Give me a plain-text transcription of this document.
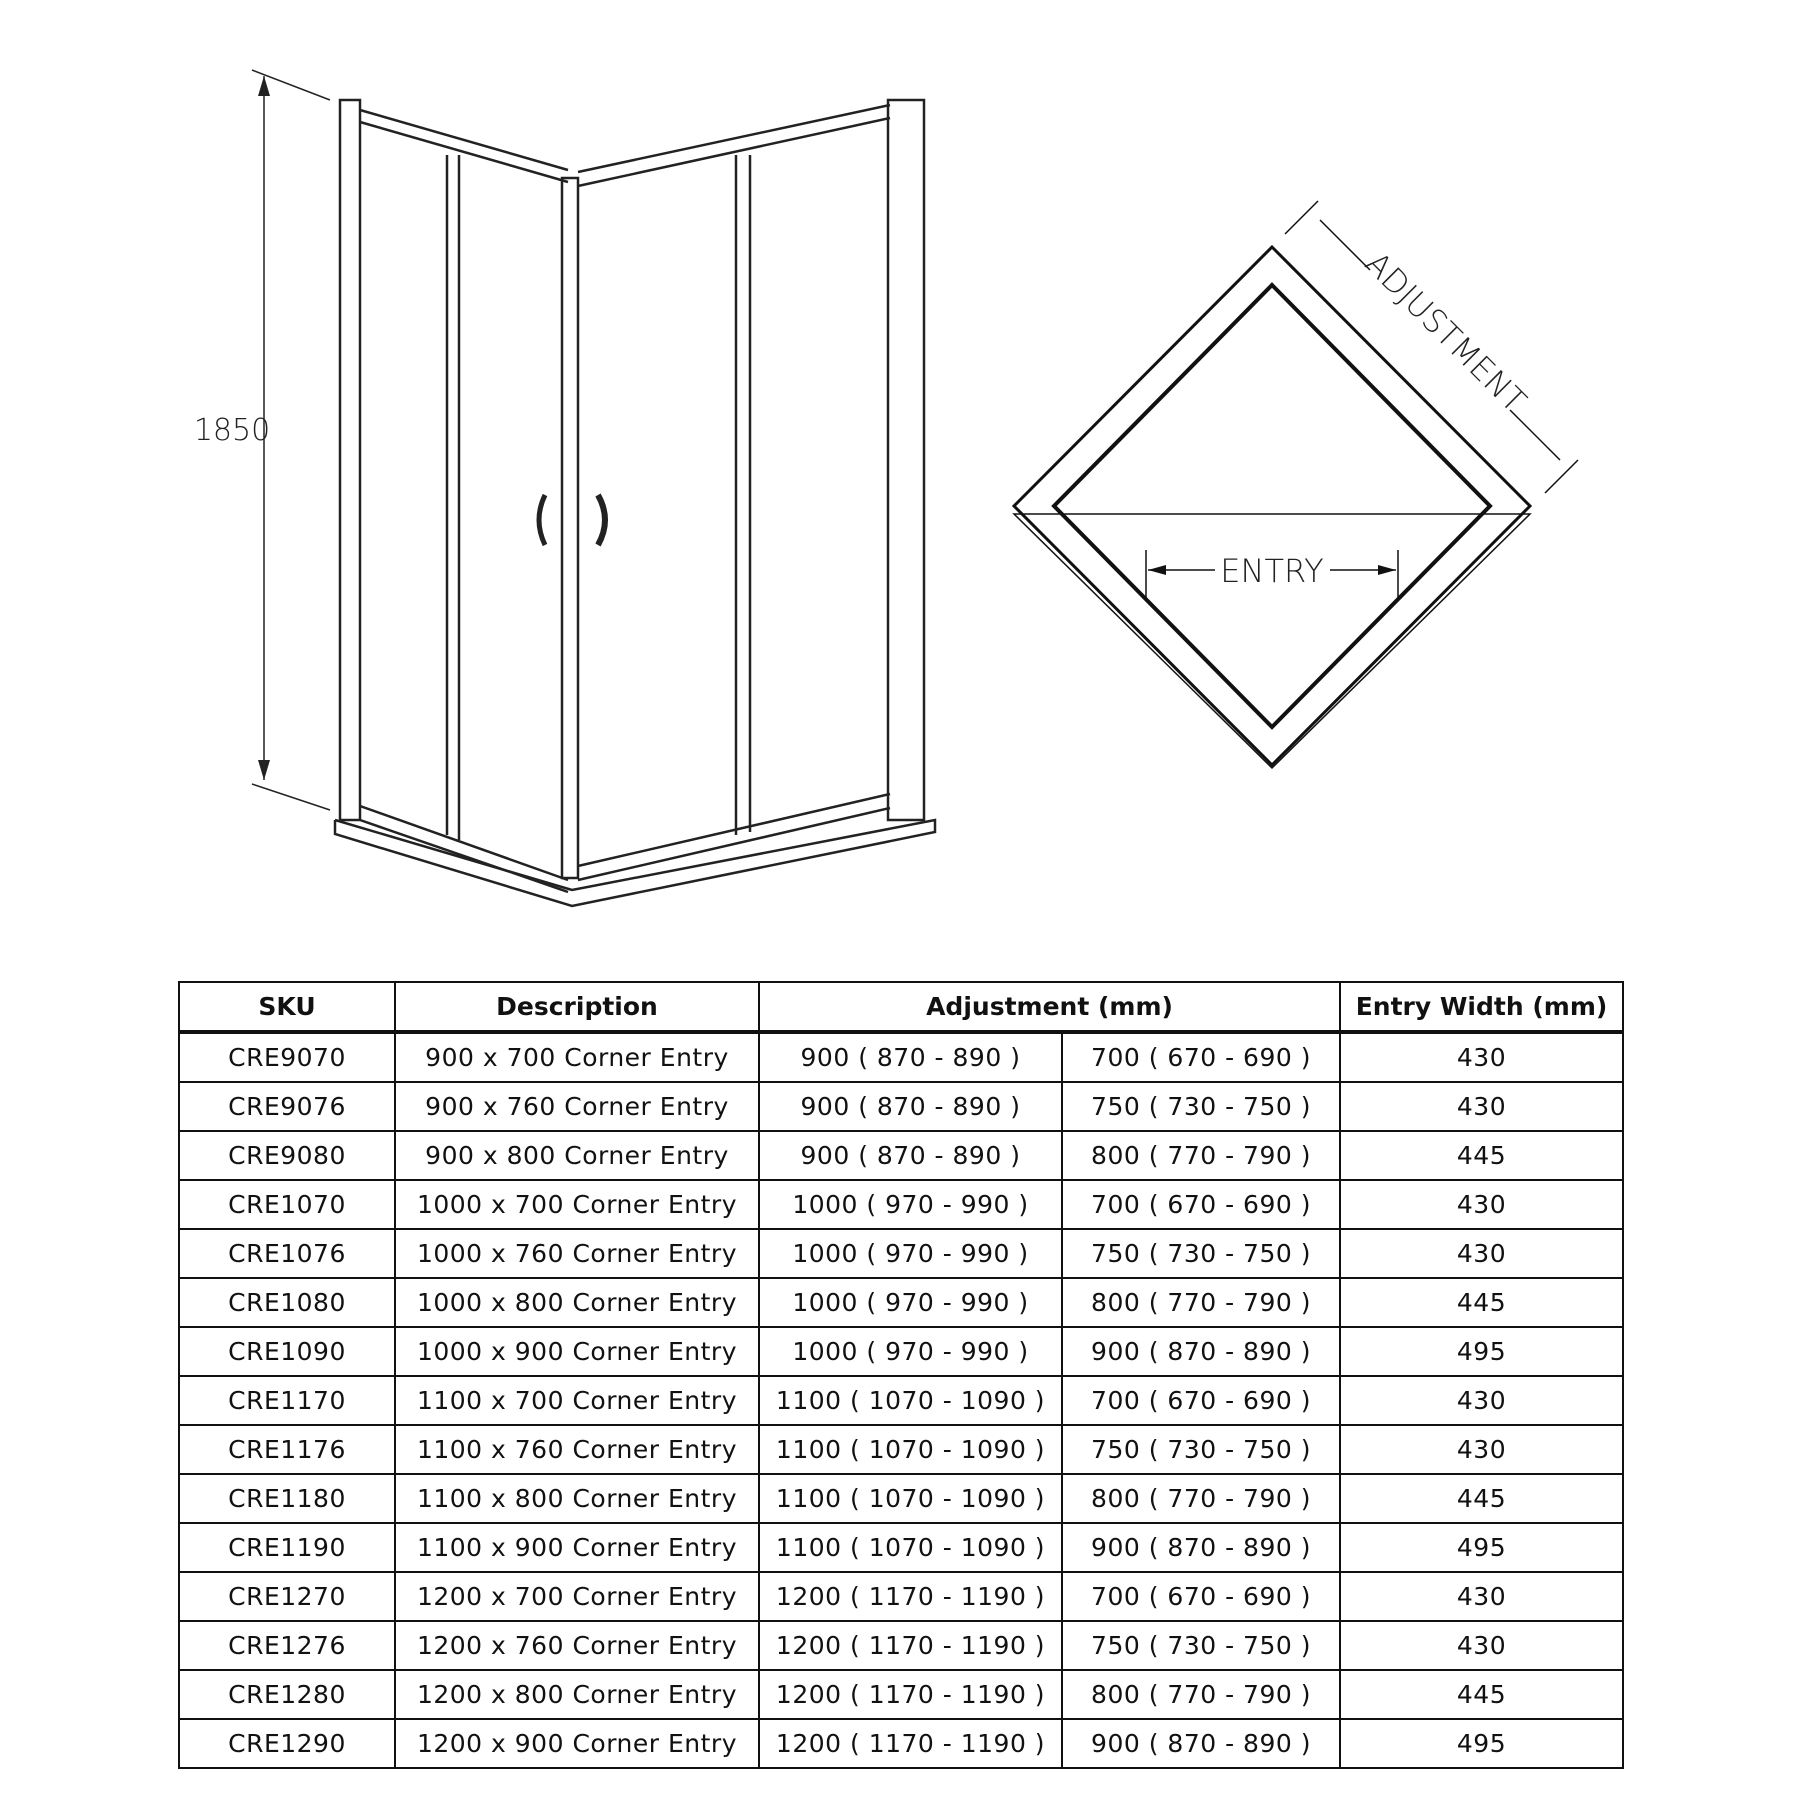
1850
ENTRY
ADJUSTMENT
SKU	Description	Adjustment (mm)		Entry Width (mm)
CRE9070	900 x 700 Corner Entry	900 ( 870 - 890 )	700 ( 670 - 690 )	430
CRE9076	900 x 760 Corner Entry	900 ( 870 - 890 )	750 ( 730 - 750 )	430
CRE9080	900 x 800 Corner Entry	900 ( 870 - 890 )	800 ( 770 - 790 )	445
CRE1070	1000 x 700 Corner Entry	1000 ( 970 - 990 )	700 ( 670 - 690 )	430
CRE1076	1000 x 760 Corner Entry	1000 ( 970 - 990 )	750 ( 730 - 750 )	430
CRE1080	1000 x 800 Corner Entry	1000 ( 970 - 990 )	800 ( 770 - 790 )	445
CRE1090	1000 x 900 Corner Entry	1000 ( 970 - 990 )	900 ( 870 - 890 )	495
CRE1170	1100 x 700 Corner Entry	1100 ( 1070 - 1090 )	700 ( 670 - 690 )	430
CRE1176	1100 x 760 Corner Entry	1100 ( 1070 - 1090 )	750 ( 730 - 750 )	430
CRE1180	1100 x 800 Corner Entry	1100 ( 1070 - 1090 )	800 ( 770 - 790 )	445
CRE1190	1100 x 900 Corner Entry	1100 ( 1070 - 1090 )	900 ( 870 - 890 )	495
CRE1270	1200 x 700 Corner Entry	1200 ( 1170 - 1190 )	700 ( 670 - 690 )	430
CRE1276	1200 x 760 Corner Entry	1200 ( 1170 - 1190 )	750 ( 730 - 750 )	430
CRE1280	1200 x 800 Corner Entry	1200 ( 1170 - 1190 )	800 ( 770 - 790 )	445
CRE1290	1200 x 900 Corner Entry	1200 ( 1170 - 1190 )	900 ( 870 - 890 )	495
